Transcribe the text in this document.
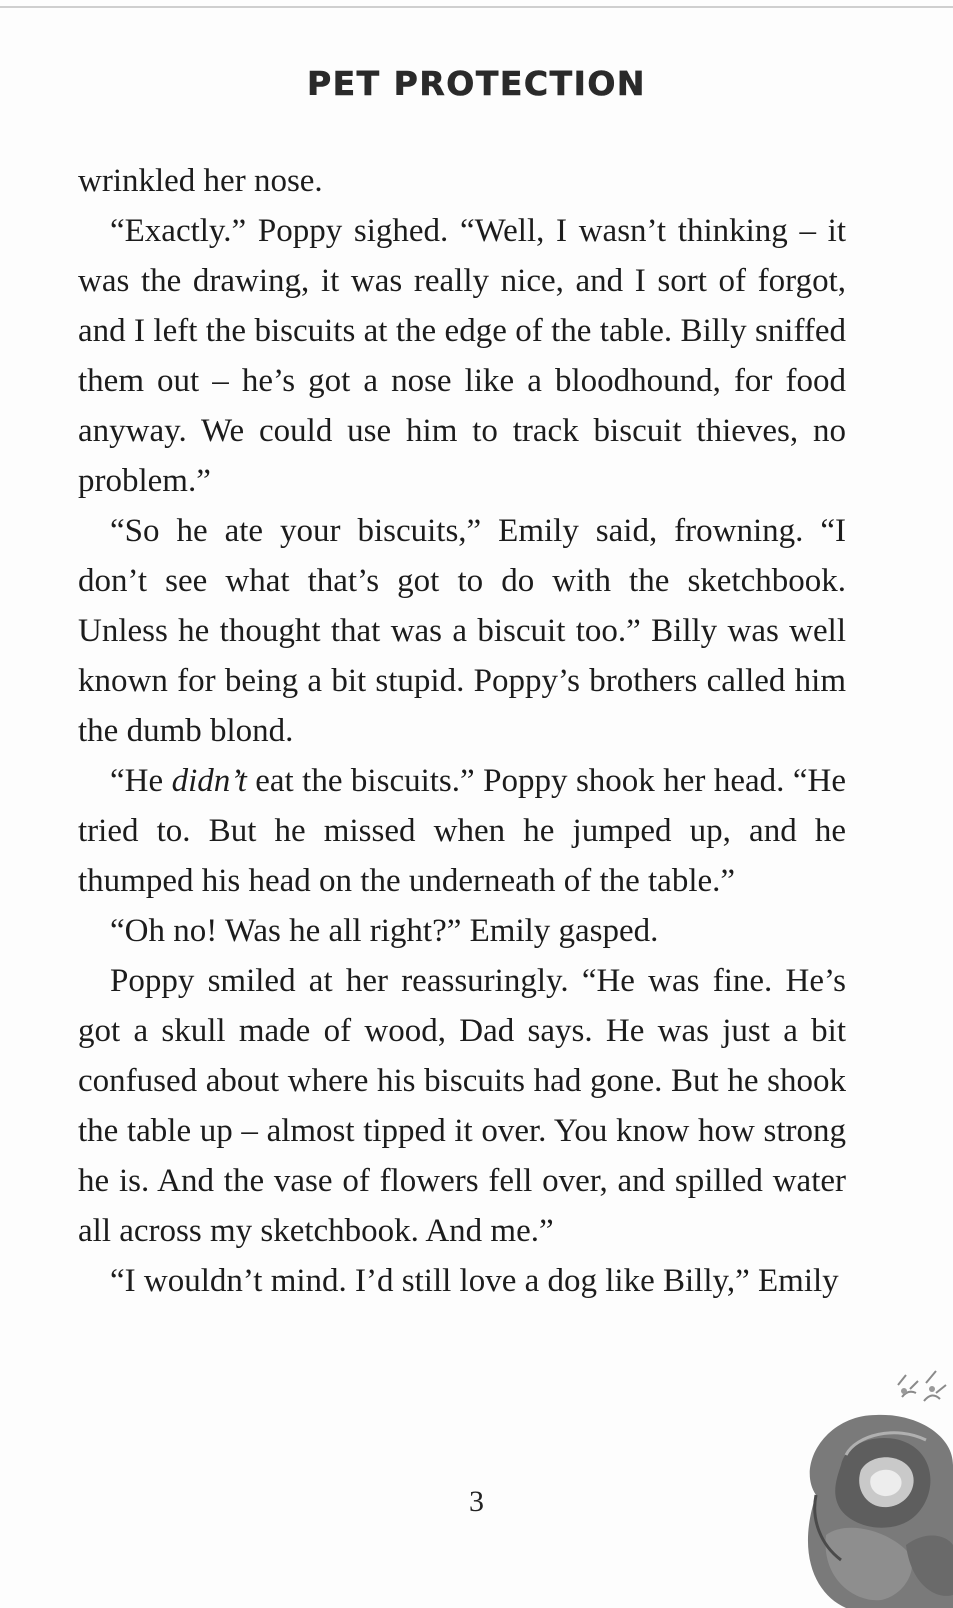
PET PROTECTION

wrinkled her nose.

“Exactly.” Poppy sighed. “Well, I wasn’t thinking – it was the drawing, it was really nice, and I sort of forgot, and I left the biscuits at the edge of the table. Billy sniffed them out – he’s got a nose like a bloodhound, for food anyway. We could use him to track biscuit thieves, no problem.”

“So he ate your biscuits,” Emily said, frowning. “I don’t see what that’s got to do with the sketchbook. Unless he thought that was a biscuit too.” Billy was well known for being a bit stupid. Poppy’s brothers called him the dumb blond.

“He didn’t eat the biscuits.” Poppy shook her head. “He tried to. But he missed when he jumped up, and he thumped his head on the underneath of the table.”

“Oh no! Was he all right?” Emily gasped.

Poppy smiled at her reassuringly. “He was fine. He’s got a skull made of wood, Dad says. He was just a bit confused about where his biscuits had gone. But he shook the table up – almost tipped it over. You know how strong he is. And the vase of flowers fell over, and spilled water all across my sketchbook. And me.”

“I wouldn’t mind. I’d still love a dog like Billy,” Emily

3
